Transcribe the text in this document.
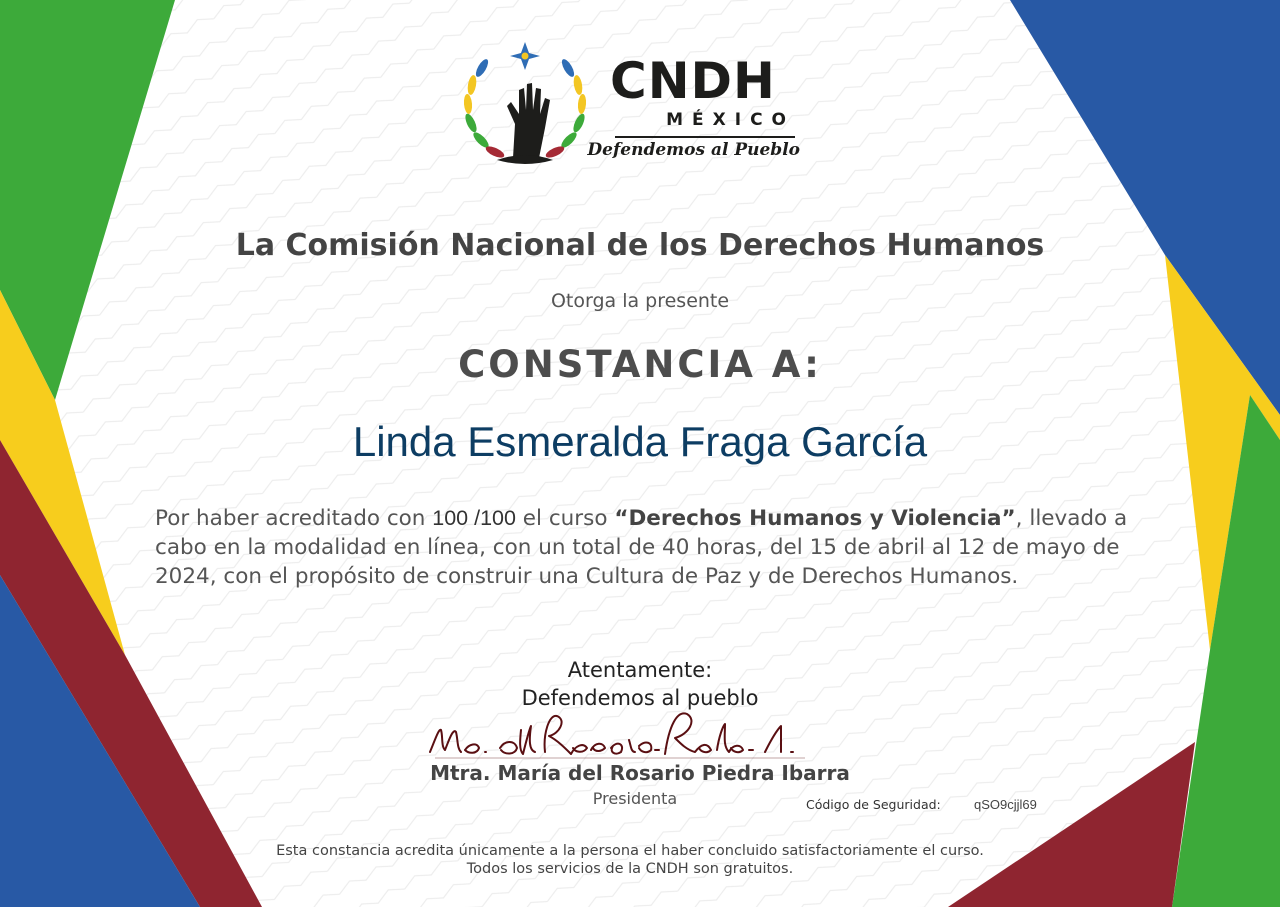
CNDH
MÉXICO
Defendemos al Pueblo
La Comisión Nacional de los Derechos Humanos
Otorga la presente
CONSTANCIA A:
Linda Esmeralda Fraga García
Por haber acreditado con 100 /100 el curso “Derechos Humanos y Violencia”, llevado a cabo en la modalidad en línea, con un total de 40 horas, del 15 de abril al 12 de mayo de 2024, con el propósito de construir una Cultura de Paz y de Derechos Humanos.
Atentamente:
Defendemos al pueblo
Mtra. María del Rosario Piedra Ibarra
Presidenta	Código de Seguridad:	qSO9cjjl69
Esta constancia acredita únicamente a la persona el haber concluido satisfactoriamente el curso.
Todos los servicios de la CNDH son gratuitos.
